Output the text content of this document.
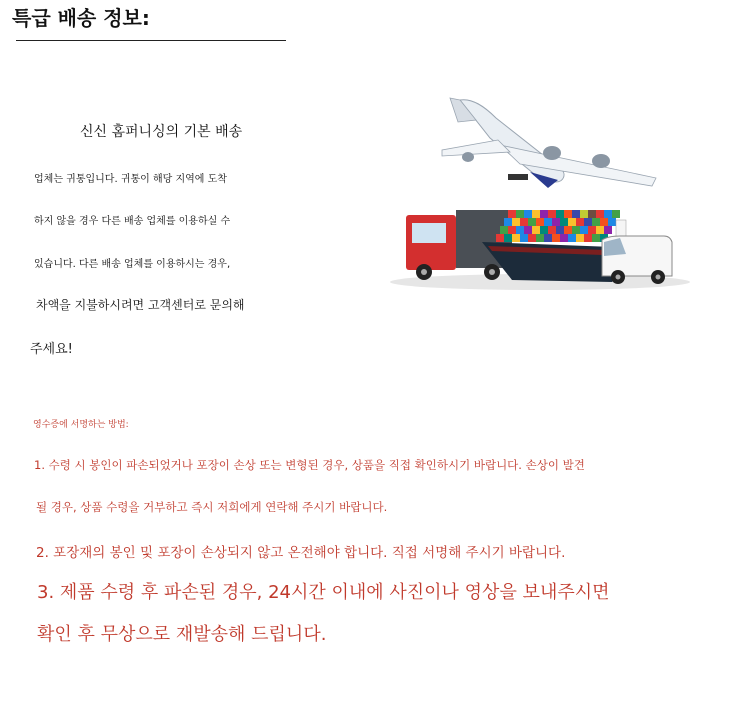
특급 배송 정보:
신신 홈퍼니싱의 기본 배송
업체는 귀통입니다. 귀통이 해당 지역에 도착
하지 않을 경우 다른 배송 업체를 이용하실 수
있습니다. 다른 배송 업체를 이용하시는 경우,
차액을 지불하시려면 고객센터로 문의해
주세요!
영수증에 서명하는 방법:
1. 수령 시 봉인이 파손되었거나 포장이 손상 또는 변형된 경우, 상품을 직접 확인하시기 바랍니다. 손상이 발견
될 경우, 상품 수령을 거부하고 즉시 저희에게 연락해 주시기 바랍니다.
2. 포장재의 봉인 및 포장이 손상되지 않고 온전해야 합니다. 직접 서명해 주시기 바랍니다.
3. 제품 수령 후 파손된 경우, 24시간 이내에 사진이나 영상을 보내주시면
확인 후 무상으로 재발송해 드립니다.
